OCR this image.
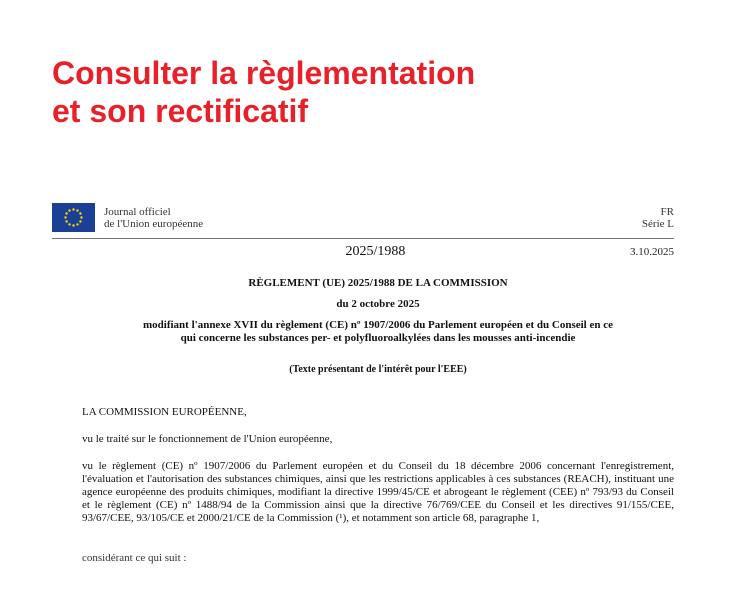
Consulter la règlementation
et son rectificatif
Journal officiel
de l'Union européenne
FR
Série L
2025/1988	3.10.2025
RÈGLEMENT (UE) 2025/1988 DE LA COMMISSION
du 2 octobre 2025
modifiant l'annexe XVII du règlement (CE) nº 1907/2006 du Parlement européen et du Conseil en ce
qui concerne les substances per- et polyfluoroalkylées dans les mousses anti-incendie
(Texte présentant de l'intérêt pour l'EEE)
LA COMMISSION EUROPÉENNE,
vu le traité sur le fonctionnement de l'Union européenne,
vu le règlement (CE) nº 1907/2006 du Parlement européen et du Conseil du 18 décembre 2006 concernant l'enregistrement, l'évaluation et l'autorisation des substances chimiques, ainsi que les restrictions applicables à ces substances (REACH), instituant une agence européenne des produits chimiques, modifiant la directive 1999/45/CE et abrogeant le règlement (CEE) nº 793/93 du Conseil et le règlement (CE) nº 1488/94 de la Commission ainsi que la directive 76/769/CEE du Conseil et les directives 91/155/CEE, 93/67/CEE, 93/105/CE et 2000/21/CE de la Commission (¹), et notamment son article 68, paragraphe 1,
considérant ce qui suit :
